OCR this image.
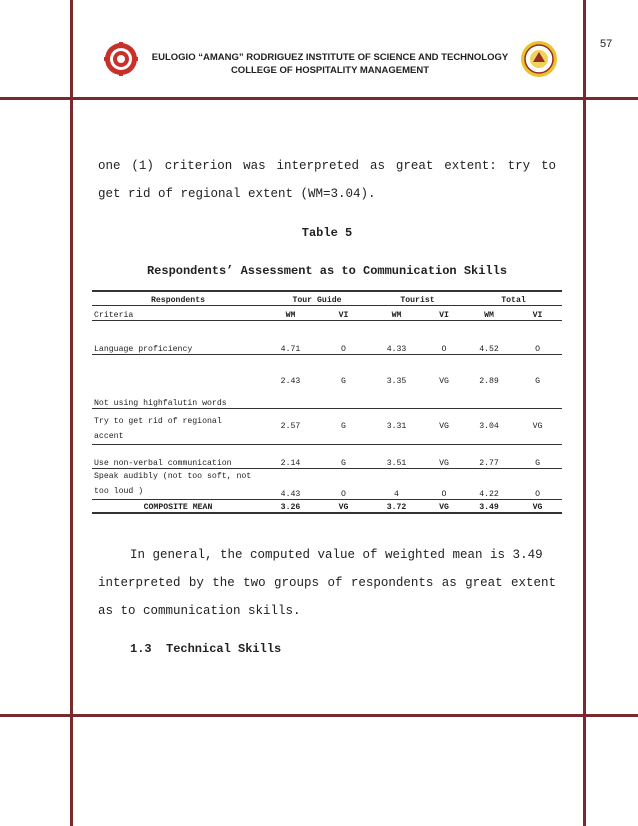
57
EULOGIO “AMANG” RODRIGUEZ INSTITUTE OF SCIENCE AND TECHNOLOGY
COLLEGE OF HOSPITALITY MANAGEMENT
one (1) criterion was interpreted as great extent: try to
get rid of regional extent (WM=3.04).
Table 5
Respondents’ Assessment as to Communication Skills
Respondents	Tour Guide		Tourist		Total	
Criteria	WM	VI	WM	VI	WM	VI
Language proficiency	4.71	O	4.33	O	4.52	O
Not using highfalutin words	2.43	G	3.35	VG	2.89	G

Try to get rid of regional
accent	2.57	G	3.31	VG	3.04	VG
Use non-verbal communication	2.14	G	3.51	VG	2.77	G

Speak audibly (not too soft, not
too loud )	4.43	O	4	O	4.22	O
COMPOSITE MEAN	3.26	VG	3.72	VG	3.49	VG
In general, the computed value of weighted mean is 3.49
interpreted by the two groups of respondents as great extent
as to communication skills.
1.3  Technical Skills
